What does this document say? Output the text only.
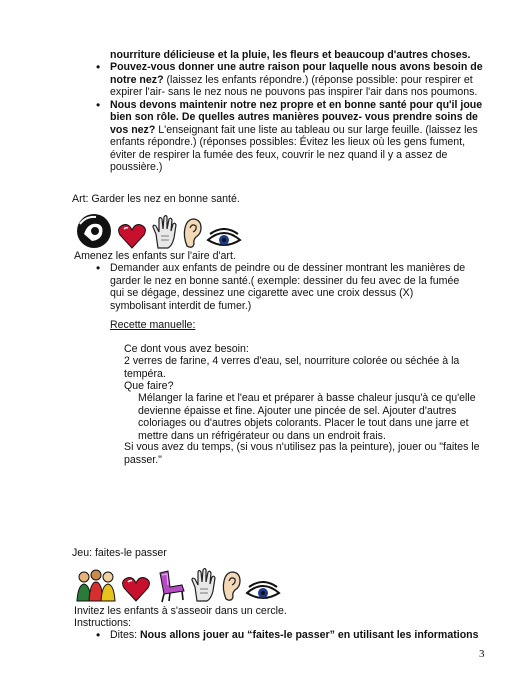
nourriture délicieuse et la pluie, les fleurs et beaucoup d'autres choses.
• Pouvez-vous donner une autre raison pour laquelle nous avons besoin de notre nez? (laissez les enfants répondre.) (réponse possible: pour respirer et expirer l'air- sans le nez nous ne pouvons pas inspirer l'air dans nos poumons.
• Nous devons maintenir notre nez propre et en bonne santé pour qu'il joue bien son rôle. De quelles autres manières pouvez- vous prendre soins de vos nez? L'enseignant fait une liste au tableau ou sur large feuille. (laissez les enfants répondre.) (réponses possibles: Évitez les lieux où les gens fument, éviter de respirer la fumée des feux, couvrir le nez quand il y a assez de poussière.)
Art: Garder les nez en bonne santé.
Amenez les enfants sur l'aire d'art.
• Demander aux enfants de peindre ou de dessiner montrant les manières de garder le nez en bonne santé.( exemple: dessiner du feu avec de la fumée qui se dégage, dessinez une cigarette avec une croix dessus (X) symbolisant interdit de fumer.)
Recette manuelle:
Ce dont vous avez besoin:
2 verres de farine, 4 verres d'eau, sel, nourriture colorée ou séchée à la tempéra.
Que faire?
Mélanger la farine et l'eau et préparer à basse chaleur jusqu'à ce qu'elle devienne épaisse et fine. Ajouter une pincée de sel. Ajouter d'autres coloriages ou d'autres objets colorants. Placer le tout dans une jarre et mettre dans un réfrigérateur ou dans un endroit frais.
Si vous avez du temps, (si vous n'utilisez pas la peinture), jouer ou "faites le passer."
Jeu: faites-le passer
Invitez les enfants à s'asseoir dans un cercle.
Instructions:
• Dites: Nous allons jouer au “faites-le passer” en utilisant les informations
3
